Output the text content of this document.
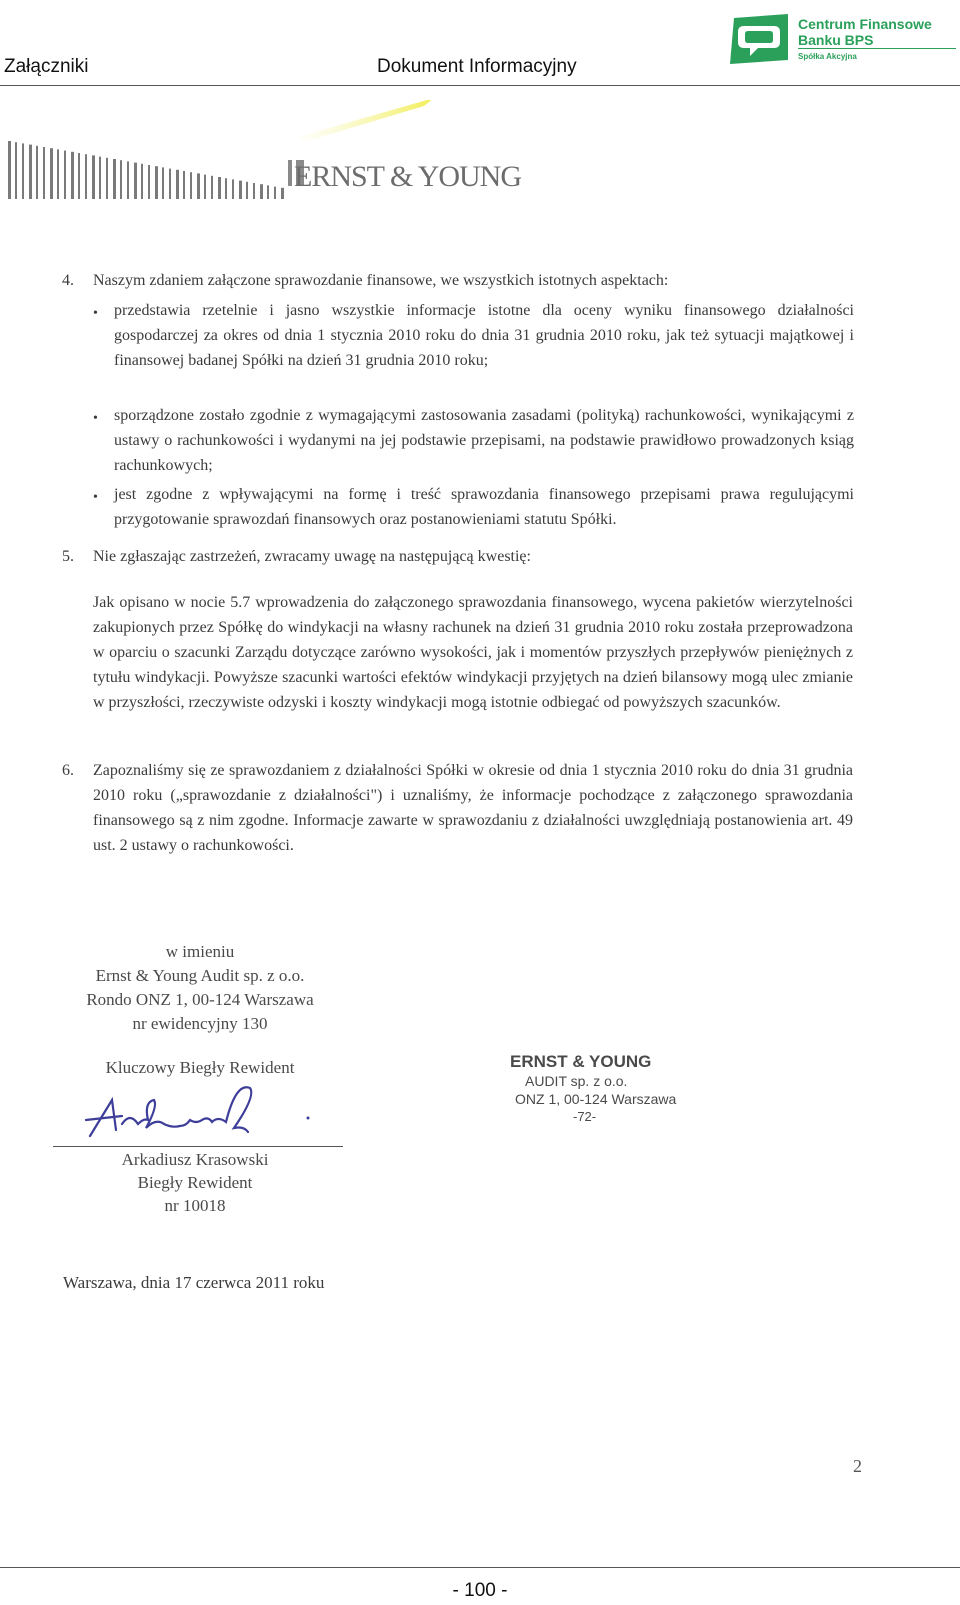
Załączniki	Dokument Informacyjny
Centrum Finansowe
Banku BPS
Spółka Akcyjna
ERNST & YOUNG
4. Naszym zdaniem załączone sprawozdanie finansowe, we wszystkich istotnych aspektach:
• przedstawia rzetelnie i jasno wszystkie informacje istotne dla oceny wyniku finansowego działalności gospodarczej za okres od dnia 1 stycznia 2010 roku do dnia 31 grudnia 2010 roku, jak też sytuacji majątkowej i finansowej badanej Spółki na dzień 31 grudnia 2010 roku;
• sporządzone zostało zgodnie z wymagającymi zastosowania zasadami (polityką) rachunkowości, wynikającymi z ustawy o rachunkowości i wydanymi na jej podstawie przepisami, na podstawie prawidłowo prowadzonych ksiąg rachunkowych;
• jest zgodne z wpływającymi na formę i treść sprawozdania finansowego przepisami prawa regulującymi przygotowanie sprawozdań finansowych oraz postanowieniami statutu Spółki.
5. Nie zgłaszając zastrzeżeń, zwracamy uwagę na następującą kwestię:
Jak opisano w nocie 5.7 wprowadzenia do załączonego sprawozdania finansowego, wycena pakietów wierzytelności zakupionych przez Spółkę do windykacji na własny rachunek na dzień 31 grudnia 2010 roku została przeprowadzona w oparciu o szacunki Zarządu dotyczące zarówno wysokości, jak i momentów przyszłych przepływów pieniężnych z tytułu windykacji. Powyższe szacunki wartości efektów windykacji przyjętych na dzień bilansowy mogą ulec zmianie w przyszłości, rzeczywiste odzyski i koszty windykacji mogą istotnie odbiegać od powyższych szacunków.
6. Zapoznaliśmy się ze sprawozdaniem z działalności Spółki w okresie od dnia 1 stycznia 2010 roku do dnia 31 grudnia 2010 roku („sprawozdanie z działalności") i uznaliśmy, że informacje pochodzące z załączonego sprawozdania finansowego są z nim zgodne. Informacje zawarte w sprawozdaniu z działalności uwzględniają postanowienia art. 49 ust. 2 ustawy o rachunkowości.
w imieniu
Ernst & Young Audit sp. z o.o.
Rondo ONZ 1, 00-124 Warszawa
nr ewidencyjny 130
Kluczowy Biegły Rewident
Arkadiusz Krasowski
Biegły Rewident
nr 10018
ERNST & YOUNG
AUDIT sp. z o.o.
ONZ 1, 00-124 Warszawa
-72-
Warszawa, dnia 17 czerwca 2011 roku
2
- 100 -
